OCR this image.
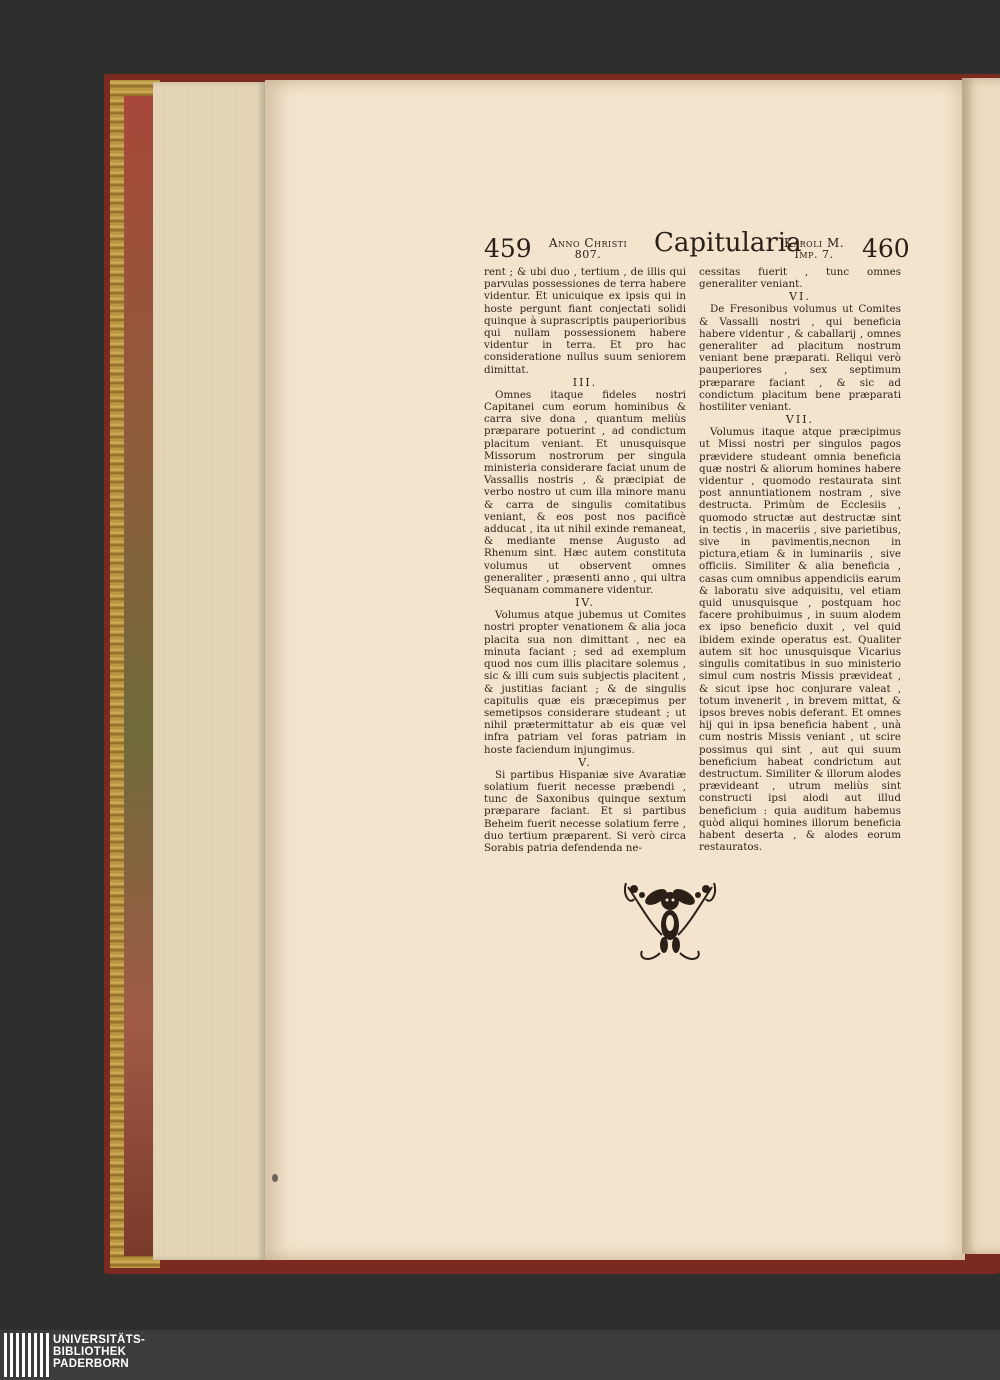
459 Anno Christi
807.	Capitularia
Karoli M.
Imp. 7.	460

rent ; & ubi duo , tertium , de illis qui parvulas possessiones de terra habere videntur. Et unicuique ex ipsis qui in hoste pergunt fiant conjectati solidi quinque à suprascriptis pauperioribus qui nullam possessionem habere videntur in terra. Et pro hac consideratione nullus suum seniorem dimittat.

III.

Omnes itaque fideles nostri Capitanei cum eorum hominibus & carra sive dona , quantum meliùs præparare potuerint , ad condictum placitum veniant. Et unusquisque Missorum nostrorum per singula ministeria considerare faciat unum de Vassallis nostris , & præcipiat de verbo nostro ut cum illa minore manu & carra de singulis comitatibus veniant, & eos post nos pacificè adducat , ita ut nihil exinde remaneat, & mediante mense Augusto ad Rhenum sint. Hæc autem constituta volumus ut observent omnes generaliter , præsenti anno , qui ultra Sequanam commanere videntur.

IV.

Volumus atque jubemus ut Comites nostri propter venationem & alia joca placita sua non dimittant , nec ea minuta faciant ; sed ad exemplum quod nos cum illis placitare solemus , sic & illi cum suis subjectis placitent , & justitias faciant ; & de singulis capitulis quæ eis præcepimus per semetipsos considerare studeant ; ut nihil prætermittatur ab eis quæ vel infra patriam vel foras patriam in hoste faciendum injungimus.

V.

Si partibus Hispaniæ sive Avaratiæ solatium fuerit necesse præbendi , tunc de Saxonibus quinque sextum præparare faciant. Et si partibus Beheim fuerit necesse solatium ferre , duo tertium præparent. Si verò circa Sorabis patria defendenda ne-

cessitas fuerit , tunc omnes generaliter veniant.

VI.

De Fresonibus volumus ut Comites & Vassalli nostri , qui beneficia habere videntur , & caballarij , omnes generaliter ad placitum nostrum veniant bene præparati. Reliqui verò pauperiores , sex septimum præparare faciant , & sic ad condictum placitum bene præparati hostiliter veniant.

VII.

Volumus itaque atque præcipimus ut Missi nostri per singulos pagos prævidere studeant omnia beneficia quæ nostri & aliorum homines habere videntur , quomodo restaurata sint post annuntiationem nostram , sive destructa. Primùm de Ecclesiis , quomodo structæ aut destructæ sint in tectis , in maceriis , sive parietibus, sive in pavimentis,necnon in pictura,etiam & in luminariis , sive officiis. Similiter & alia beneficia , casas cum omnibus appendiciis earum & laboratu sive adquisitu, vel etiam quid unusquisque , postquam hoc facere prohibuimus , in suum alodem ex ipso beneficio duxit , vel quid ibidem exinde operatus est. Qualiter autem sit hoc unusquisque Vicarius singulis comitatibus in suo ministerio simul cum nostris Missis prævideat , & sicut ipse hoc conjurare valeat , totum invenerit , in brevem mittat, & ipsos breves nobis deferant. Et omnes hij qui in ipsa beneficia habent , unà cum nostris Missis veniant , ut scire possimus qui sint , aut qui suum beneficium habeat condrictum aut destructum. Similiter & illorum alodes prævideant , utrum meliùs sint constructi ipsi alodi aut illud beneficium : quia auditum habemus quòd aliqui homines illorum beneficia habent deserta , & alodes eorum restauratos.

UNIVERSITÄTS-
BIBLIOTHEK
PADERBORN
